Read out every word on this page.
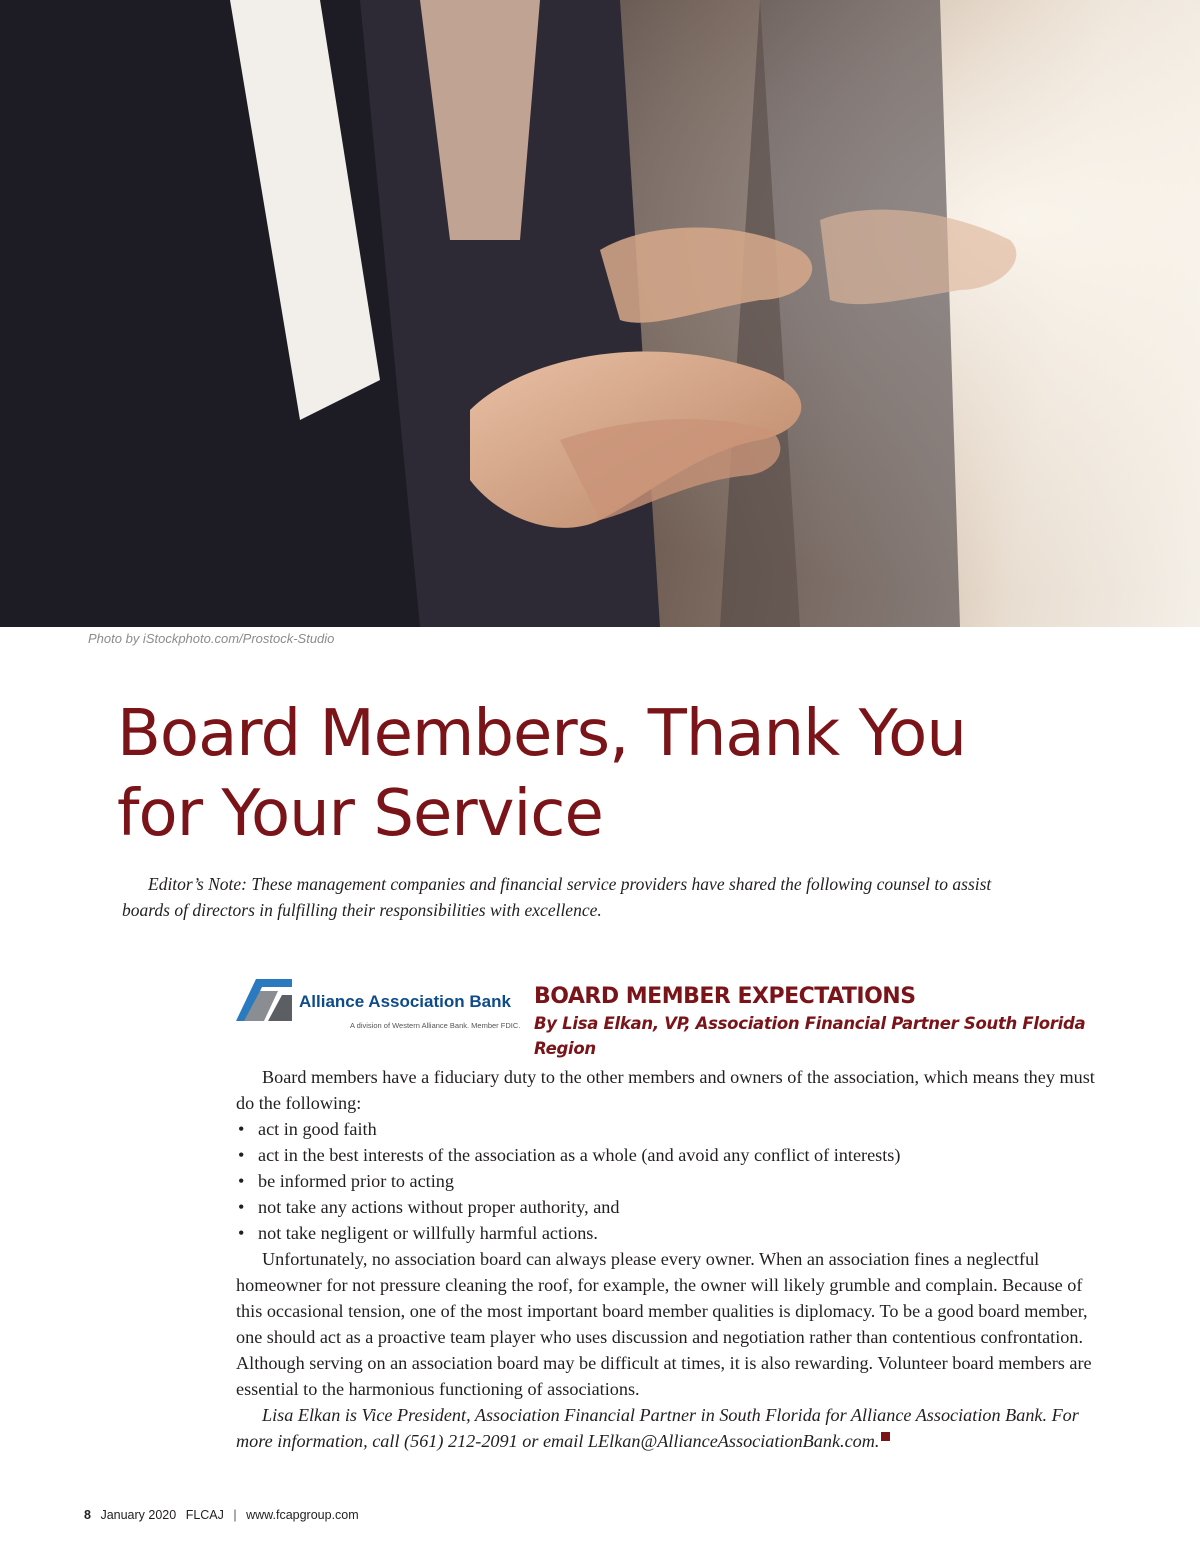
Photo by iStockphoto.com/Prostock-Studio
Board Members, Thank You
for Your Service
Editor’s Note: These management companies and financial service providers have shared the following counsel to assist boards of directors in fulfilling their responsibilities with excellence.
Alliance Association Bank
A division of Western Alliance Bank. Member FDIC.
BOARD MEMBER EXPECTATIONS
By Lisa Elkan, VP, Association Financial Partner South Florida Region

Board members have a fiduciary duty to the other members and owners of the association, which means they must do the following:

• act in good faith
• act in the best interests of the association as a whole (and avoid any conflict of interests)
• be informed prior to acting
• not take any actions without proper authority, and
• not take negligent or willfully harmful actions.

Unfortunately, no association board can always please every owner. When an association fines a neglectful homeowner for not pressure cleaning the roof, for example, the owner will likely grumble and complain. Because of this occasional tension, one of the most important board member qualities is diplomacy. To be a good board member, one should act as a proactive team player who uses discussion and negotiation rather than contentious confrontation. Although serving on an association board may be difficult at times, it is also rewarding. Volunteer board members are essential to the harmonious functioning of associations.

Lisa Elkan is Vice President, Association Financial Partner in South Florida for Alliance Association Bank. For more information, call (561) 212-2091 or email LElkan@AllianceAssociationBank.com.

8 January 2020 FLCAJ | www.fcapgroup.com
